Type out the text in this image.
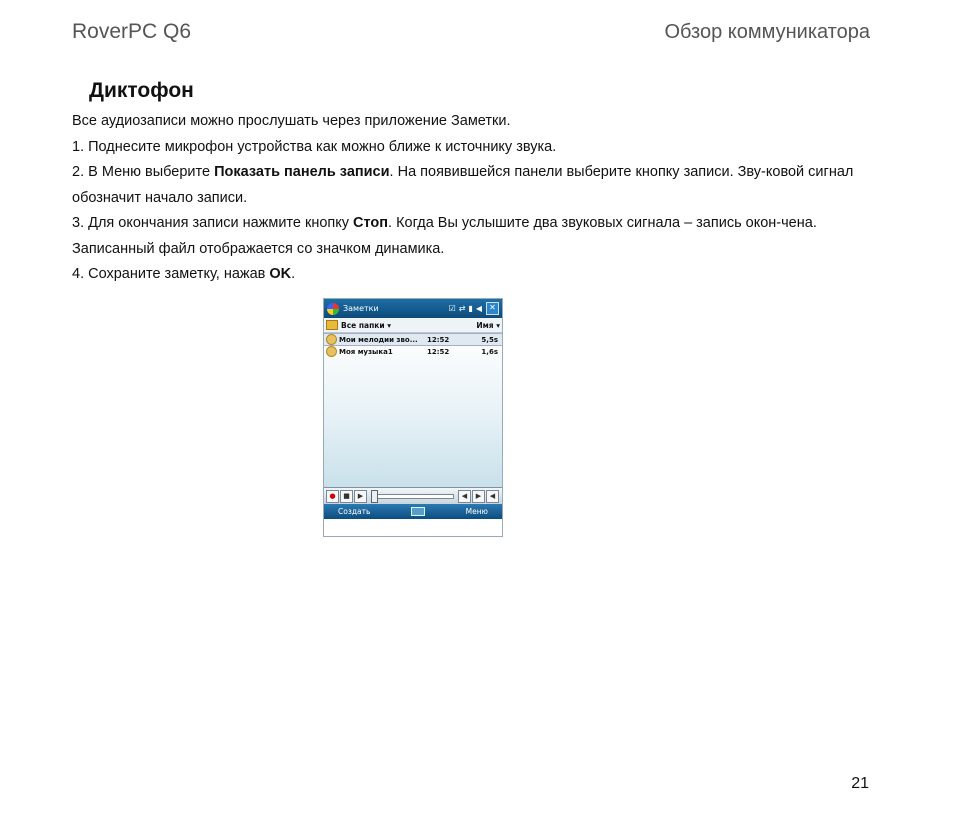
RoverPC Q6	Обзор коммуникатора
Диктофон

Все аудиозаписи можно прослушать через приложение Заметки.

1. Поднесите микрофон устройства как можно ближе к источнику звука.

2. В Меню выберите Показать панель записи. На появившейся панели выберите кнопку записи. Зву-ковой сигнал обозначит начало записи.

3. Для окончания записи нажмите кнопку Стоп. Когда Вы услышите два звуковых сигнала – запись окон-чена. Записанный файл отображается со значком динамика.

4. Сохраните заметку, нажав OK.

Заметки	☑ ⇄ ▮ ◀ ✕
Все папки ▾	Имя ▾
Мои мелодии зво...	12:52	5,5s
Моя музыка1	12:52	1,6s
●	■	▶	◀	▶	◀
Создать	Меню
21
